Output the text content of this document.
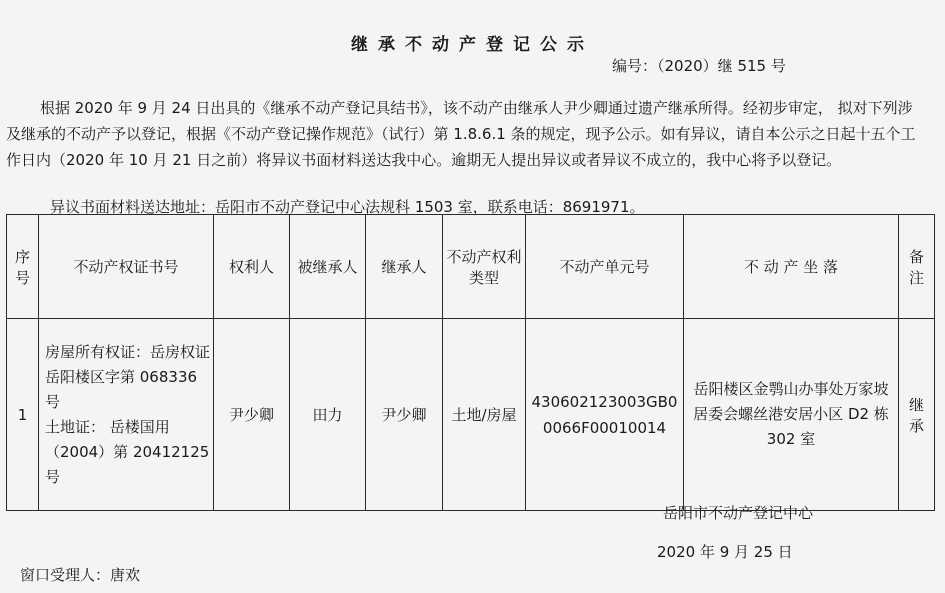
继承不动产登记公示
编号：（2020）继 515 号

根据 2020 年 9 月 24 日出具的《继承不动产登记具结书》，该不动产由继承人尹少卿通过遗产继承所得。经初步审定， 拟对下列涉及继承的不动产予以登记，根据《不动产登记操作规范》（试行）第 1.8.6.1 条的规定，现予公示。如有异议，请自本公示之日起十五个工作日内（2020 年 10 月 21 日之前）将异议书面材料送达我中心。逾期无人提出异议或者异议不成立的，我中心将予以登记。

异议书面材料送达地址：岳阳市不动产登记中心法规科 1503 室，联系电话：8691971。
序号	不动产权证书号	权利人	被继承人	继承人	不动产权利类型	不动产单元号	不 动 产 坐 落	备注
1	房屋所有权证：岳房权证岳阳楼区字第 068336 号
土地证： 岳楼国用（2004）第 20412125 号	尹少卿	田力	尹少卿	土地/房屋	430602123003GB00066F00010014	岳阳楼区金鹗山办事处万家坡居委会螺丝港安居小区 D2 栋 302 室	继承
岳阳市不动产登记中心
2020 年 9 月 25 日
窗口受理人：唐欢
